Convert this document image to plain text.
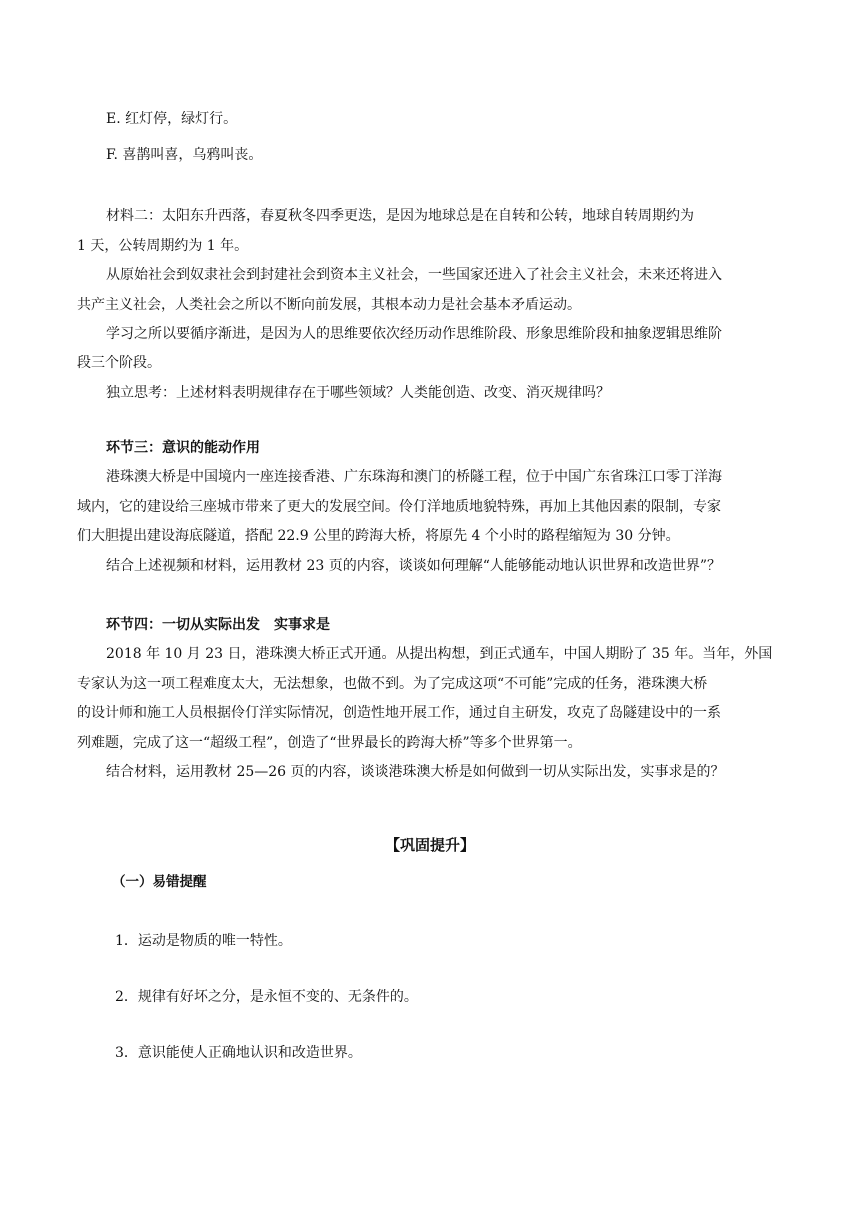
E. 红灯停，绿灯行。
F. 喜鹊叫喜，乌鸦叫丧。
材料二：太阳东升西落，春夏秋冬四季更迭，是因为地球总是在自转和公转，地球自转周期约为
1 天，公转周期约为 1 年。
从原始社会到奴隶社会到封建社会到资本主义社会，一些国家还进入了社会主义社会，未来还将进入
共产主义社会，人类社会之所以不断向前发展，其根本动力是社会基本矛盾运动。
学习之所以要循序渐进，是因为人的思维要依次经历动作思维阶段、形象思维阶段和抽象逻辑思维阶
段三个阶段。
独立思考：上述材料表明规律存在于哪些领域？人类能创造、改变、消灭规律吗？
环节三：意识的能动作用
港珠澳大桥是中国境内一座连接香港、广东珠海和澳门的桥隧工程，位于中国广东省珠江口零丁洋海
域内，它的建设给三座城市带来了更大的发展空间。伶仃洋地质地貌特殊，再加上其他因素的限制，专家
们大胆提出建设海底隧道，搭配 22.9 公里的跨海大桥，将原先 4 个小时的路程缩短为 30 分钟。
结合上述视频和材料，运用教材 23 页的内容，谈谈如何理解“人能够能动地认识世界和改造世界”？
环节四：一切从实际出发　实事求是
2018 年 10 月 23 日，港珠澳大桥正式开通。从提出构想，到正式通车，中国人期盼了 35 年。当年，外国
专家认为这一项工程难度太大，无法想象，也做不到。为了完成这项“不可能”完成的任务，港珠澳大桥
的设计师和施工人员根据伶仃洋实际情况，创造性地开展工作，通过自主研发，攻克了岛隧建设中的一系
列难题，完成了这一“超级工程”，创造了“世界最长的跨海大桥”等多个世界第一。
结合材料，运用教材 25—26 页的内容，谈谈港珠澳大桥是如何做到一切从实际出发，实事求是的？
【巩固提升】
（一）易错提醒
1．运动是物质的唯一特性。
2．规律有好坏之分，是永恒不变的、无条件的。
3．意识能使人正确地认识和改造世界。
